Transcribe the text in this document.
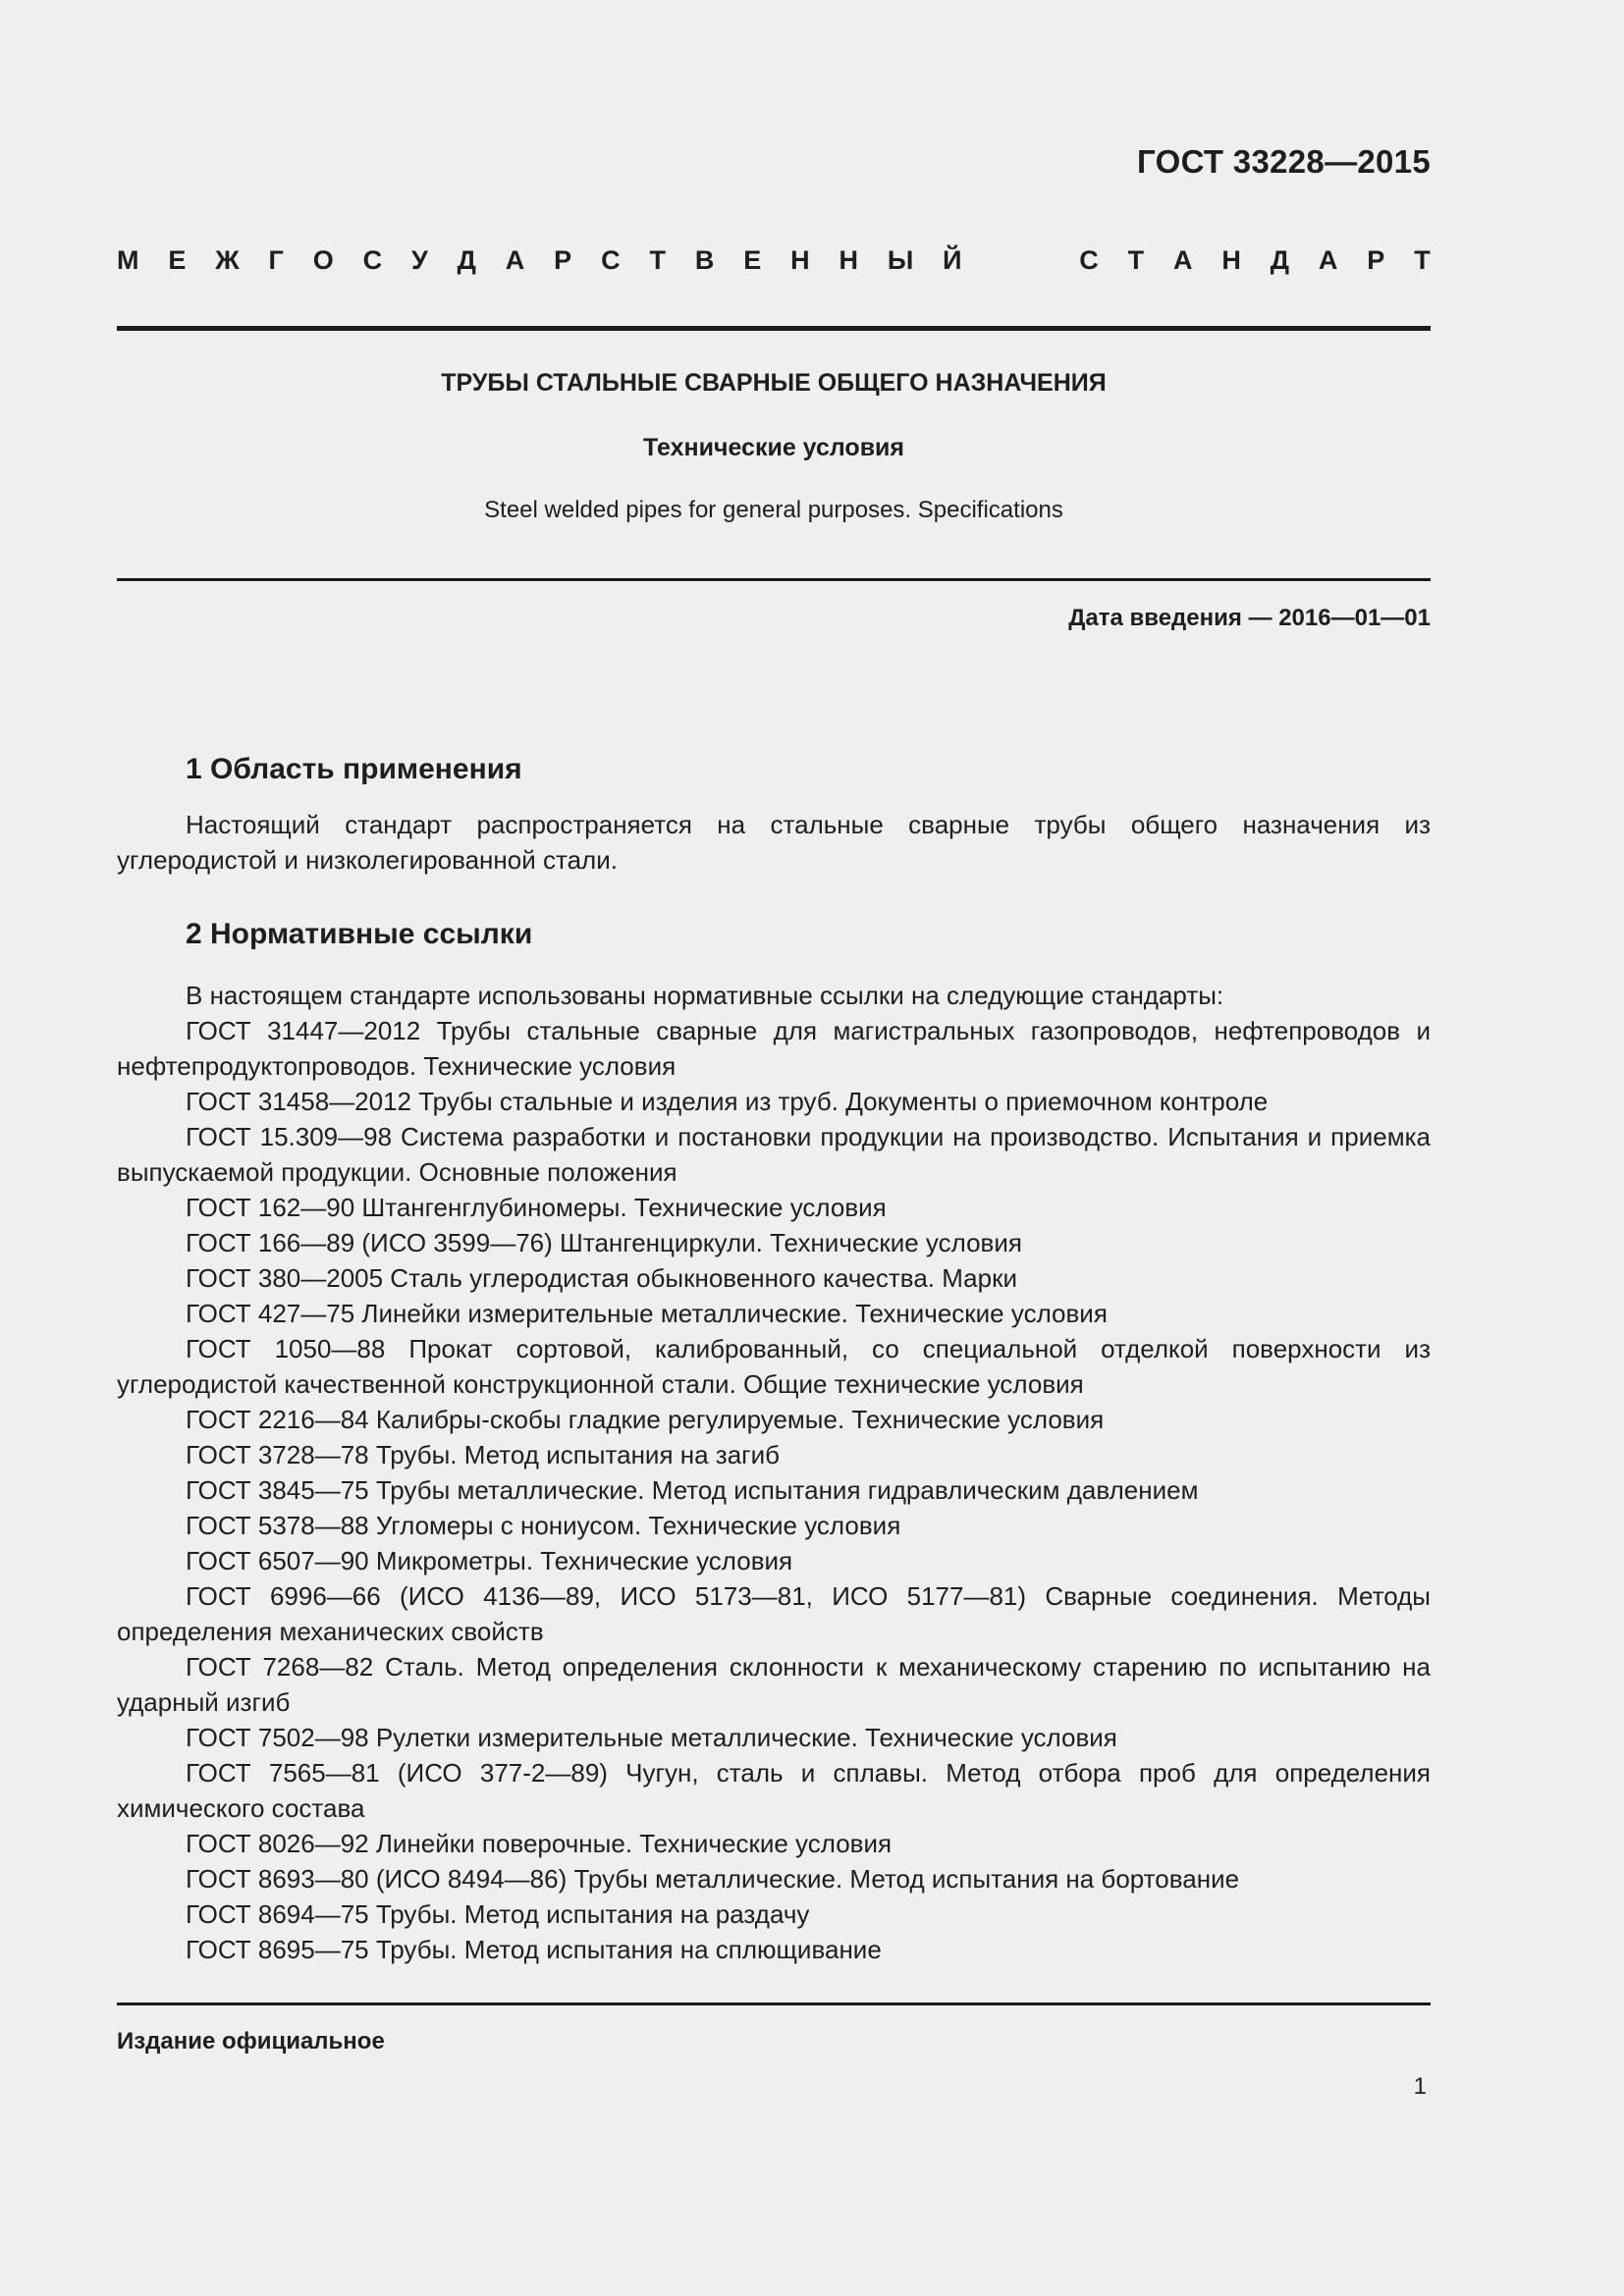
ГОСТ 33228—2015
М Е Ж Г О С У Д А Р С Т В Е Н Н Ы Й	С Т А Н Д А Р Т
ТРУБЫ СТАЛЬНЫЕ СВАРНЫЕ ОБЩЕГО НАЗНАЧЕНИЯ
Технические условия
Steel welded pipes for general purposes. Specifications
Дата введения — 2016—01—01
1 Область применения

Настоящий стандарт распространяется на стальные сварные трубы общего назначения из углеродистой и низколегированной стали.

2 Нормативные ссылки

В настоящем стандарте использованы нормативные ссылки на следующие стандарты:

ГОСТ 31447—2012 Трубы стальные сварные для магистральных газопроводов, нефтепроводов и нефтепродуктопроводов. Технические условия

ГОСТ 31458—2012 Трубы стальные и изделия из труб. Документы о приемочном контроле

ГОСТ 15.309—98 Система разработки и постановки продукции на производство. Испытания и приемка выпускаемой продукции. Основные положения

ГОСТ 162—90 Штангенглубиномеры. Технические условия

ГОСТ 166—89 (ИСО 3599—76) Штангенциркули. Технические условия

ГОСТ 380—2005 Сталь углеродистая обыкновенного качества. Марки

ГОСТ 427—75 Линейки измерительные металлические. Технические условия

ГОСТ 1050—88 Прокат сортовой, калиброванный, со специальной отделкой поверхности из углеродистой качественной конструкционной стали. Общие технические условия

ГОСТ 2216—84 Калибры-скобы гладкие регулируемые. Технические условия

ГОСТ 3728—78 Трубы. Метод испытания на загиб

ГОСТ 3845—75 Трубы металлические. Метод испытания гидравлическим давлением

ГОСТ 5378—88 Угломеры с нониусом. Технические условия

ГОСТ 6507—90 Микрометры. Технические условия

ГОСТ 6996—66 (ИСО 4136—89, ИСО 5173—81, ИСО 5177—81) Сварные соединения. Методы определения механических свойств

ГОСТ 7268—82 Сталь. Метод определения склонности к механическому старению по испытанию на ударный изгиб

ГОСТ 7502—98 Рулетки измерительные металлические. Технические условия

ГОСТ 7565—81 (ИСО 377-2—89) Чугун, сталь и сплавы. Метод отбора проб для определения химического состава

ГОСТ 8026—92 Линейки поверочные. Технические условия

ГОСТ 8693—80 (ИСО 8494—86) Трубы металлические. Метод испытания на бортование

ГОСТ 8694—75 Трубы. Метод испытания на раздачу

ГОСТ 8695—75 Трубы. Метод испытания на сплющивание

Издание официальное
1
